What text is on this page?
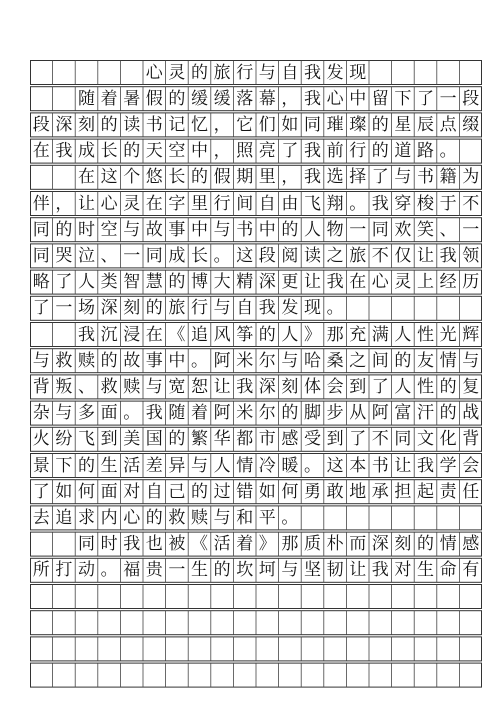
心 灵 的 旅 行 与 自 我 发 现
随 着 暑 假 的 缓 缓 落 幕 ， 我 心 中 留 下 了 一 段
段 深 刻 的 读 书 记 忆 ， 它 们 如 同 璀 璨 的 星 辰 点 缀
在 我 成 长 的 天 空 中 ， 照 亮 了 我 前 行 的 道 路 。
在 这 个 悠 长 的 假 期 里 ， 我 选 择 了 与 书 籍 为
伴 ， 让 心 灵 在 字 里 行 间 自 由 飞 翔 。 我 穿 梭 于 不
同 的 时 空 与 故 事 中 与 书 中 的 人 物 一 同 欢 笑 、 一
同 哭 泣 、 一 同 成 长 。 这 段 阅 读 之 旅 不 仅 让 我 领
略 了 人 类 智 慧 的 博 大 精 深 更 让 我 在 心 灵 上 经 历
了 一 场 深 刻 的 旅 行 与 自 我 发 现 。
我 沉 浸 在 《 追 风 筝 的 人 》 那 充 满 人 性 光 辉
与 救 赎 的 故 事 中 。 阿 米 尔 与 哈 桑 之 间 的 友 情 与
背 叛 、 救 赎 与 宽 恕 让 我 深 刻 体 会 到 了 人 性 的 复
杂 与 多 面 。 我 随 着 阿 米 尔 的 脚 步 从 阿 富 汗 的 战
火 纷 飞 到 美 国 的 繁 华 都 市 感 受 到 了 不 同 文 化 背
景 下 的 生 活 差 异 与 人 情 冷 暖 。 这 本 书 让 我 学 会
了 如 何 面 对 自 己 的 过 错 如 何 勇 敢 地 承 担 起 责 任
去 追 求 内 心 的 救 赎 与 和 平 。
同 时 我 也 被 《 活 着 》 那 质 朴 而 深 刻 的 情 感
所 打 动 。 福 贵 一 生 的 坎 坷 与 坚 韧 让 我 对 生 命 有
